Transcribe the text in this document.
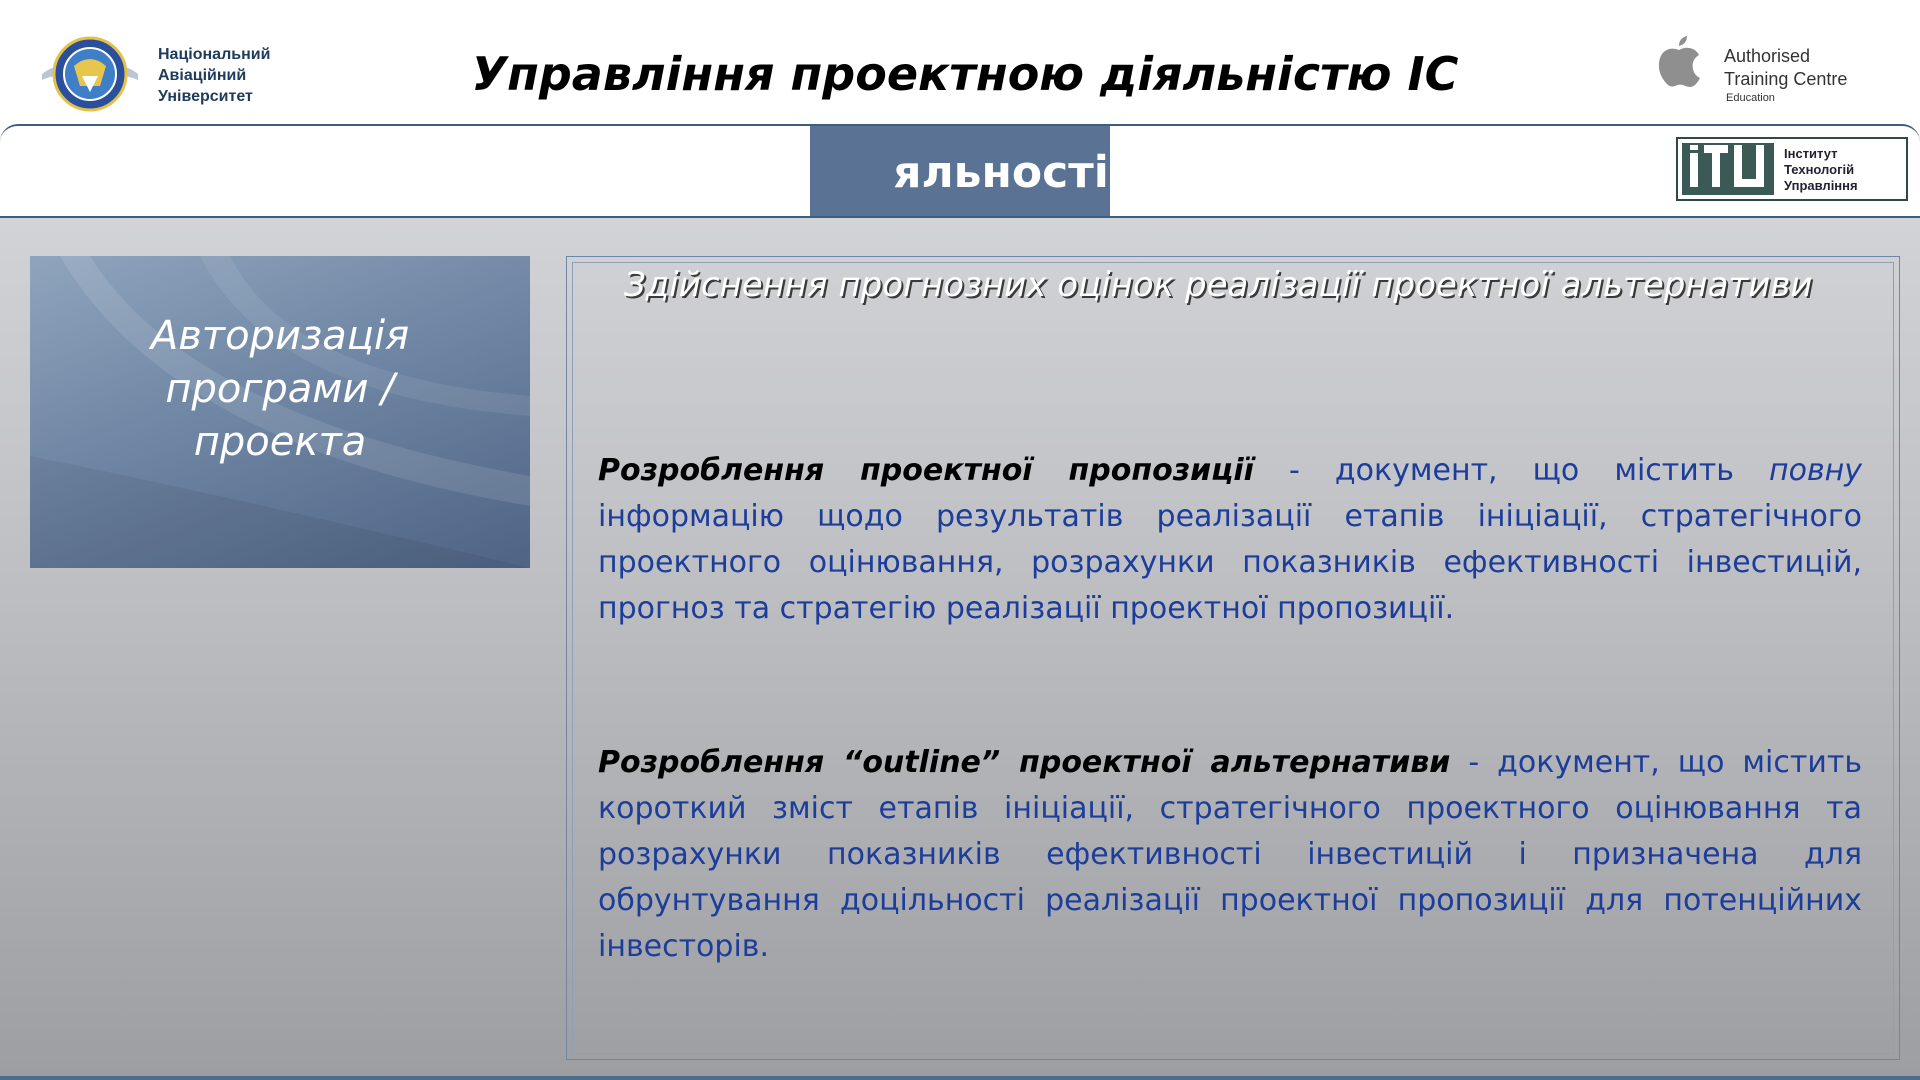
Національний
Авіаційний
Університет	Управління проектною діяльністю ІС	Authorised
Training Centre
Education
яльності інн	Інститут
Технологій
Управління
Авторизація
програми /
проекта
Здійснення прогнозних оцінок реалізації проектної альтернативи
Розроблення проектної пропозиції - документ, що містить повну інформацію щодо результатів реалізації етапів ініціації, стратегічного проектного оцінювання, розрахунки показників ефективності інвестицій, прогноз та стратегію реалізації проектної пропозиції.
Розроблення “outline” проектної альтернативи - документ, що містить короткий зміст етапів ініціації, стратегічного проектного оцінювання та розрахунки показників ефективності інвестицій і призначена для обрунтування доцільності реалізації проектної пропозиції для потенційних інвесторів.
